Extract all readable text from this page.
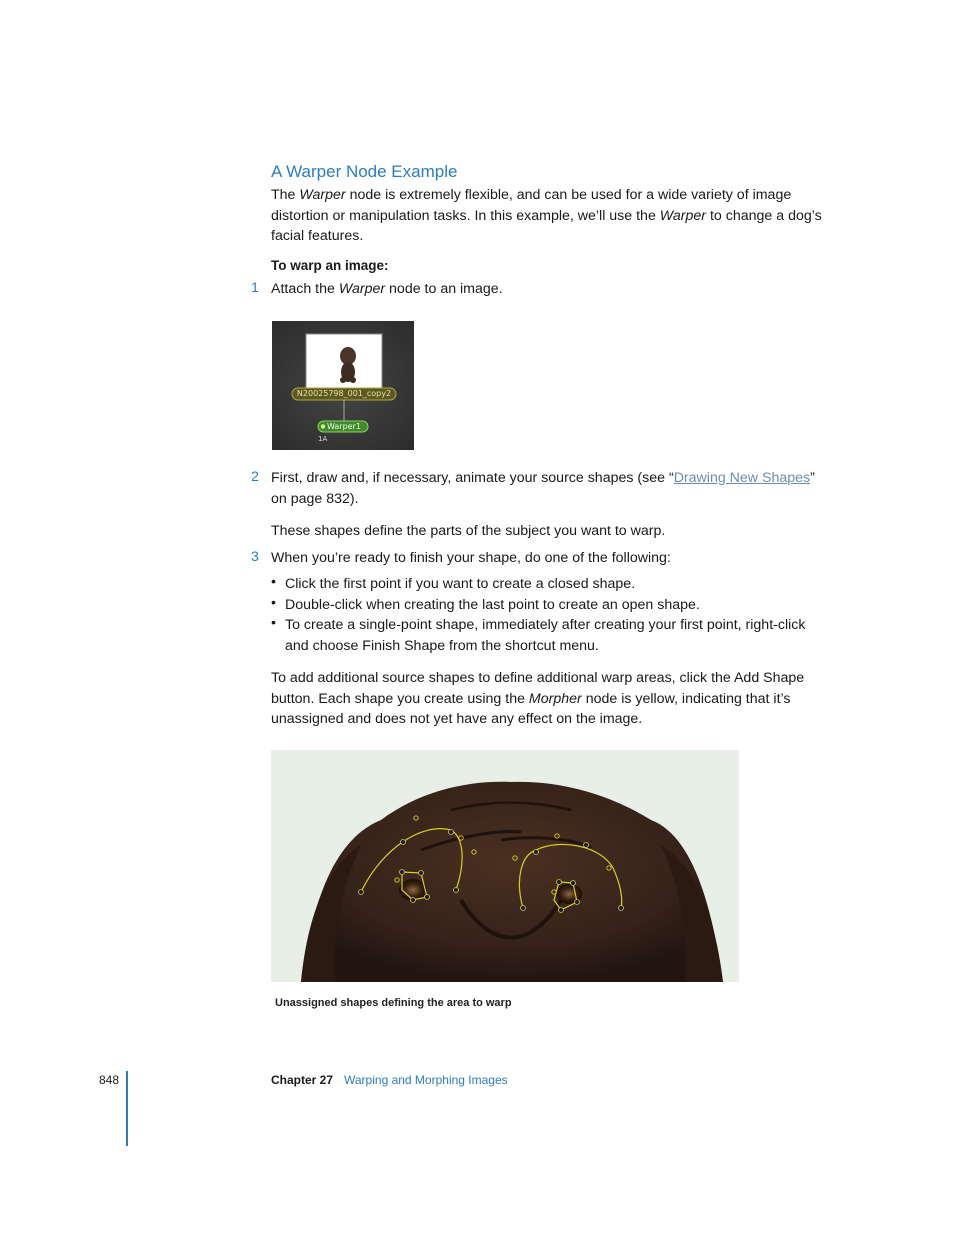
A Warper Node Example
The Warper node is extremely flexible, and can be used for a wide variety of image distortion or manipulation tasks. In this example, we’ll use the Warper to change a dog’s facial features.
To warp an image:
1 Attach the Warper node to an image.
N20025798_001_copy2
Warper1
1A
2 First, draw and, if necessary, animate your source shapes (see “Drawing New Shapes” on page 832).
These shapes define the parts of the subject you want to warp.
3 When you’re ready to finish your shape, do one of the following:
• Click the first point if you want to create a closed shape.
• Double-click when creating the last point to create an open shape.
• To create a single-point shape, immediately after creating your first point, right-click and choose Finish Shape from the shortcut menu.
To add additional source shapes to define additional warp areas, click the Add Shape button. Each shape you create using the Morpher node is yellow, indicating that it’s unassigned and does not yet have any effect on the image.
Unassigned shapes defining the area to warp
848	Chapter 27 Warping and Morphing Images
